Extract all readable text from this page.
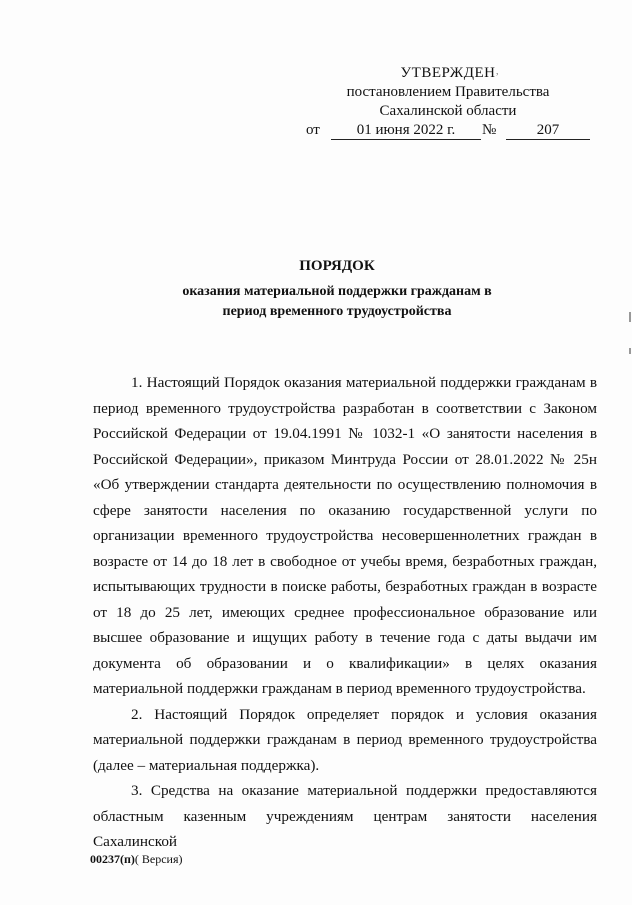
УТВЕРЖДЕН
постановлением Правительства
Сахалинской области
,
от	01 июня 2022 г.	№	207
ПОРЯДОК
оказания материальной поддержки гражданам в
период временного трудоустройства

1. Настоящий Порядок оказания материальной поддержки гражданам в период временного трудоустройства разработан в соответствии с Законом Российской Федерации от 19.04.1991 № 1032-1 «О занятости населения в Российской Федерации», приказом Минтруда России от 28.01.2022 № 25н «Об утверждении стандарта деятельности по осуществлению полномочия в сфере занятости населения по оказанию государственной услуги по организации временного трудоустройства несовершеннолетних граждан в возрасте от 14 до 18 лет в свободное от учебы время, безработных граждан, испытывающих трудности в поиске работы, безработных граждан в возрасте от 18 до 25 лет, имеющих среднее профессиональное образование или высшее образование и ищущих работу в течение года с даты выдачи им документа об образовании и о квалификации» в целях оказания материальной поддержки гражданам в период временного трудоустройства.

2. Настоящий Порядок определяет порядок и условия оказания материальной поддержки гражданам в период временного трудоустройства (далее – материальная поддержка).

3. Средства на оказание материальной поддержки предоставляются областным казенным учреждениям центрам занятости населения Сахалинской

00237(п)( Версия)
